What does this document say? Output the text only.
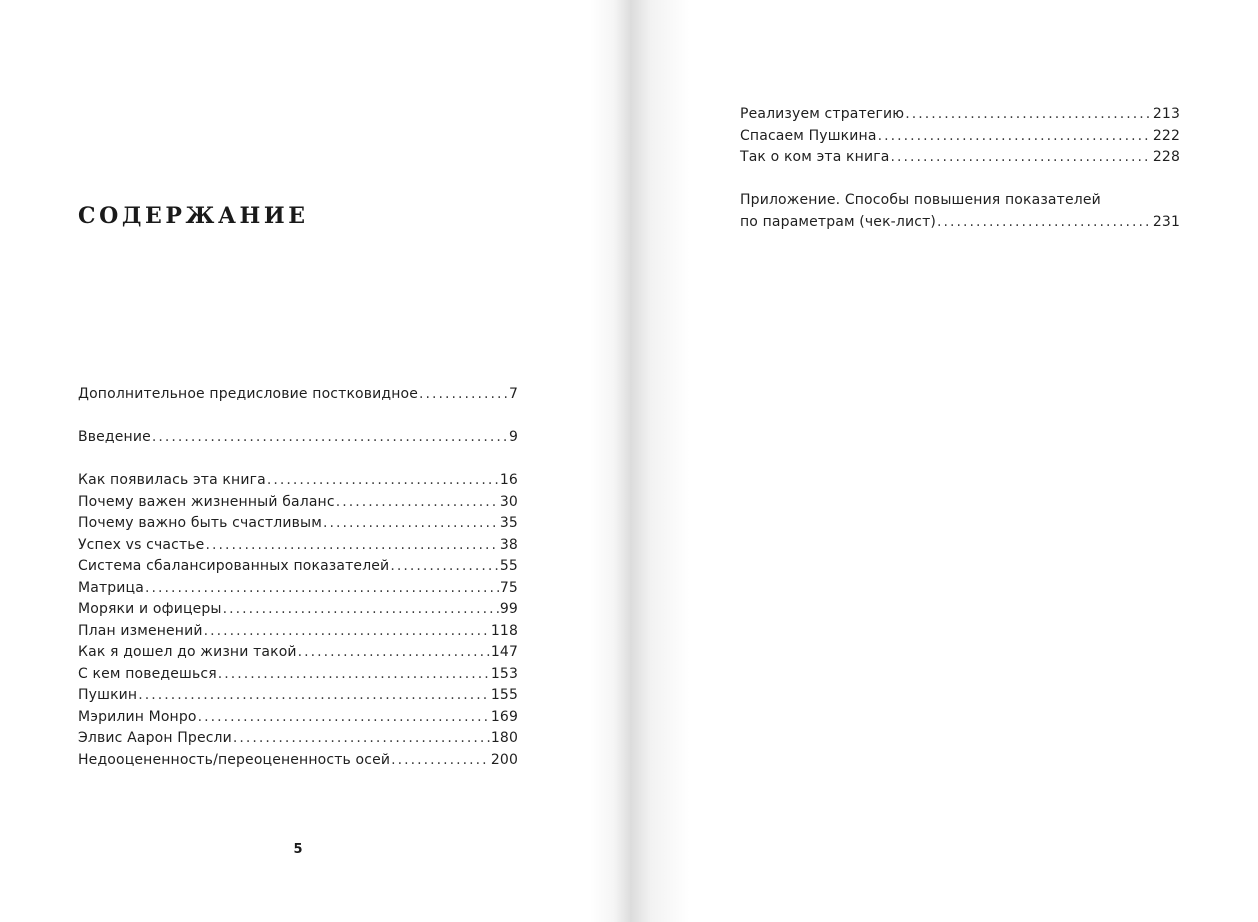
СОДЕРЖАНИЕ
Дополнительное предисловие постковидное . . .	7
Введение . . .	9
Как появилась эта книга . . .	16
Почему важен жизненный баланс . . .	30
Почему важно быть счастливым . . .	35
Успех vs счастье . . .	38
Система сбалансированных показателей . . .	55
Матрица . . .	75
Моряки и офицеры . . .	99
План изменений . . .	118
Как я дошел до жизни такой . . .	147
С кем поведешься . . .	153
Пушкин . . .	155
Мэрилин Монро . . .	169
Элвис Аарон Пресли . . .	180
Недооцененность/переоцененность осей . . .	200
5
Реализуем стратегию . . .	213
Спасаем Пушкина . . .	222
Так о ком эта книга . . .	228
Приложение. Способы повышения показателей
по параметрам (чек-лист) . . .	231
